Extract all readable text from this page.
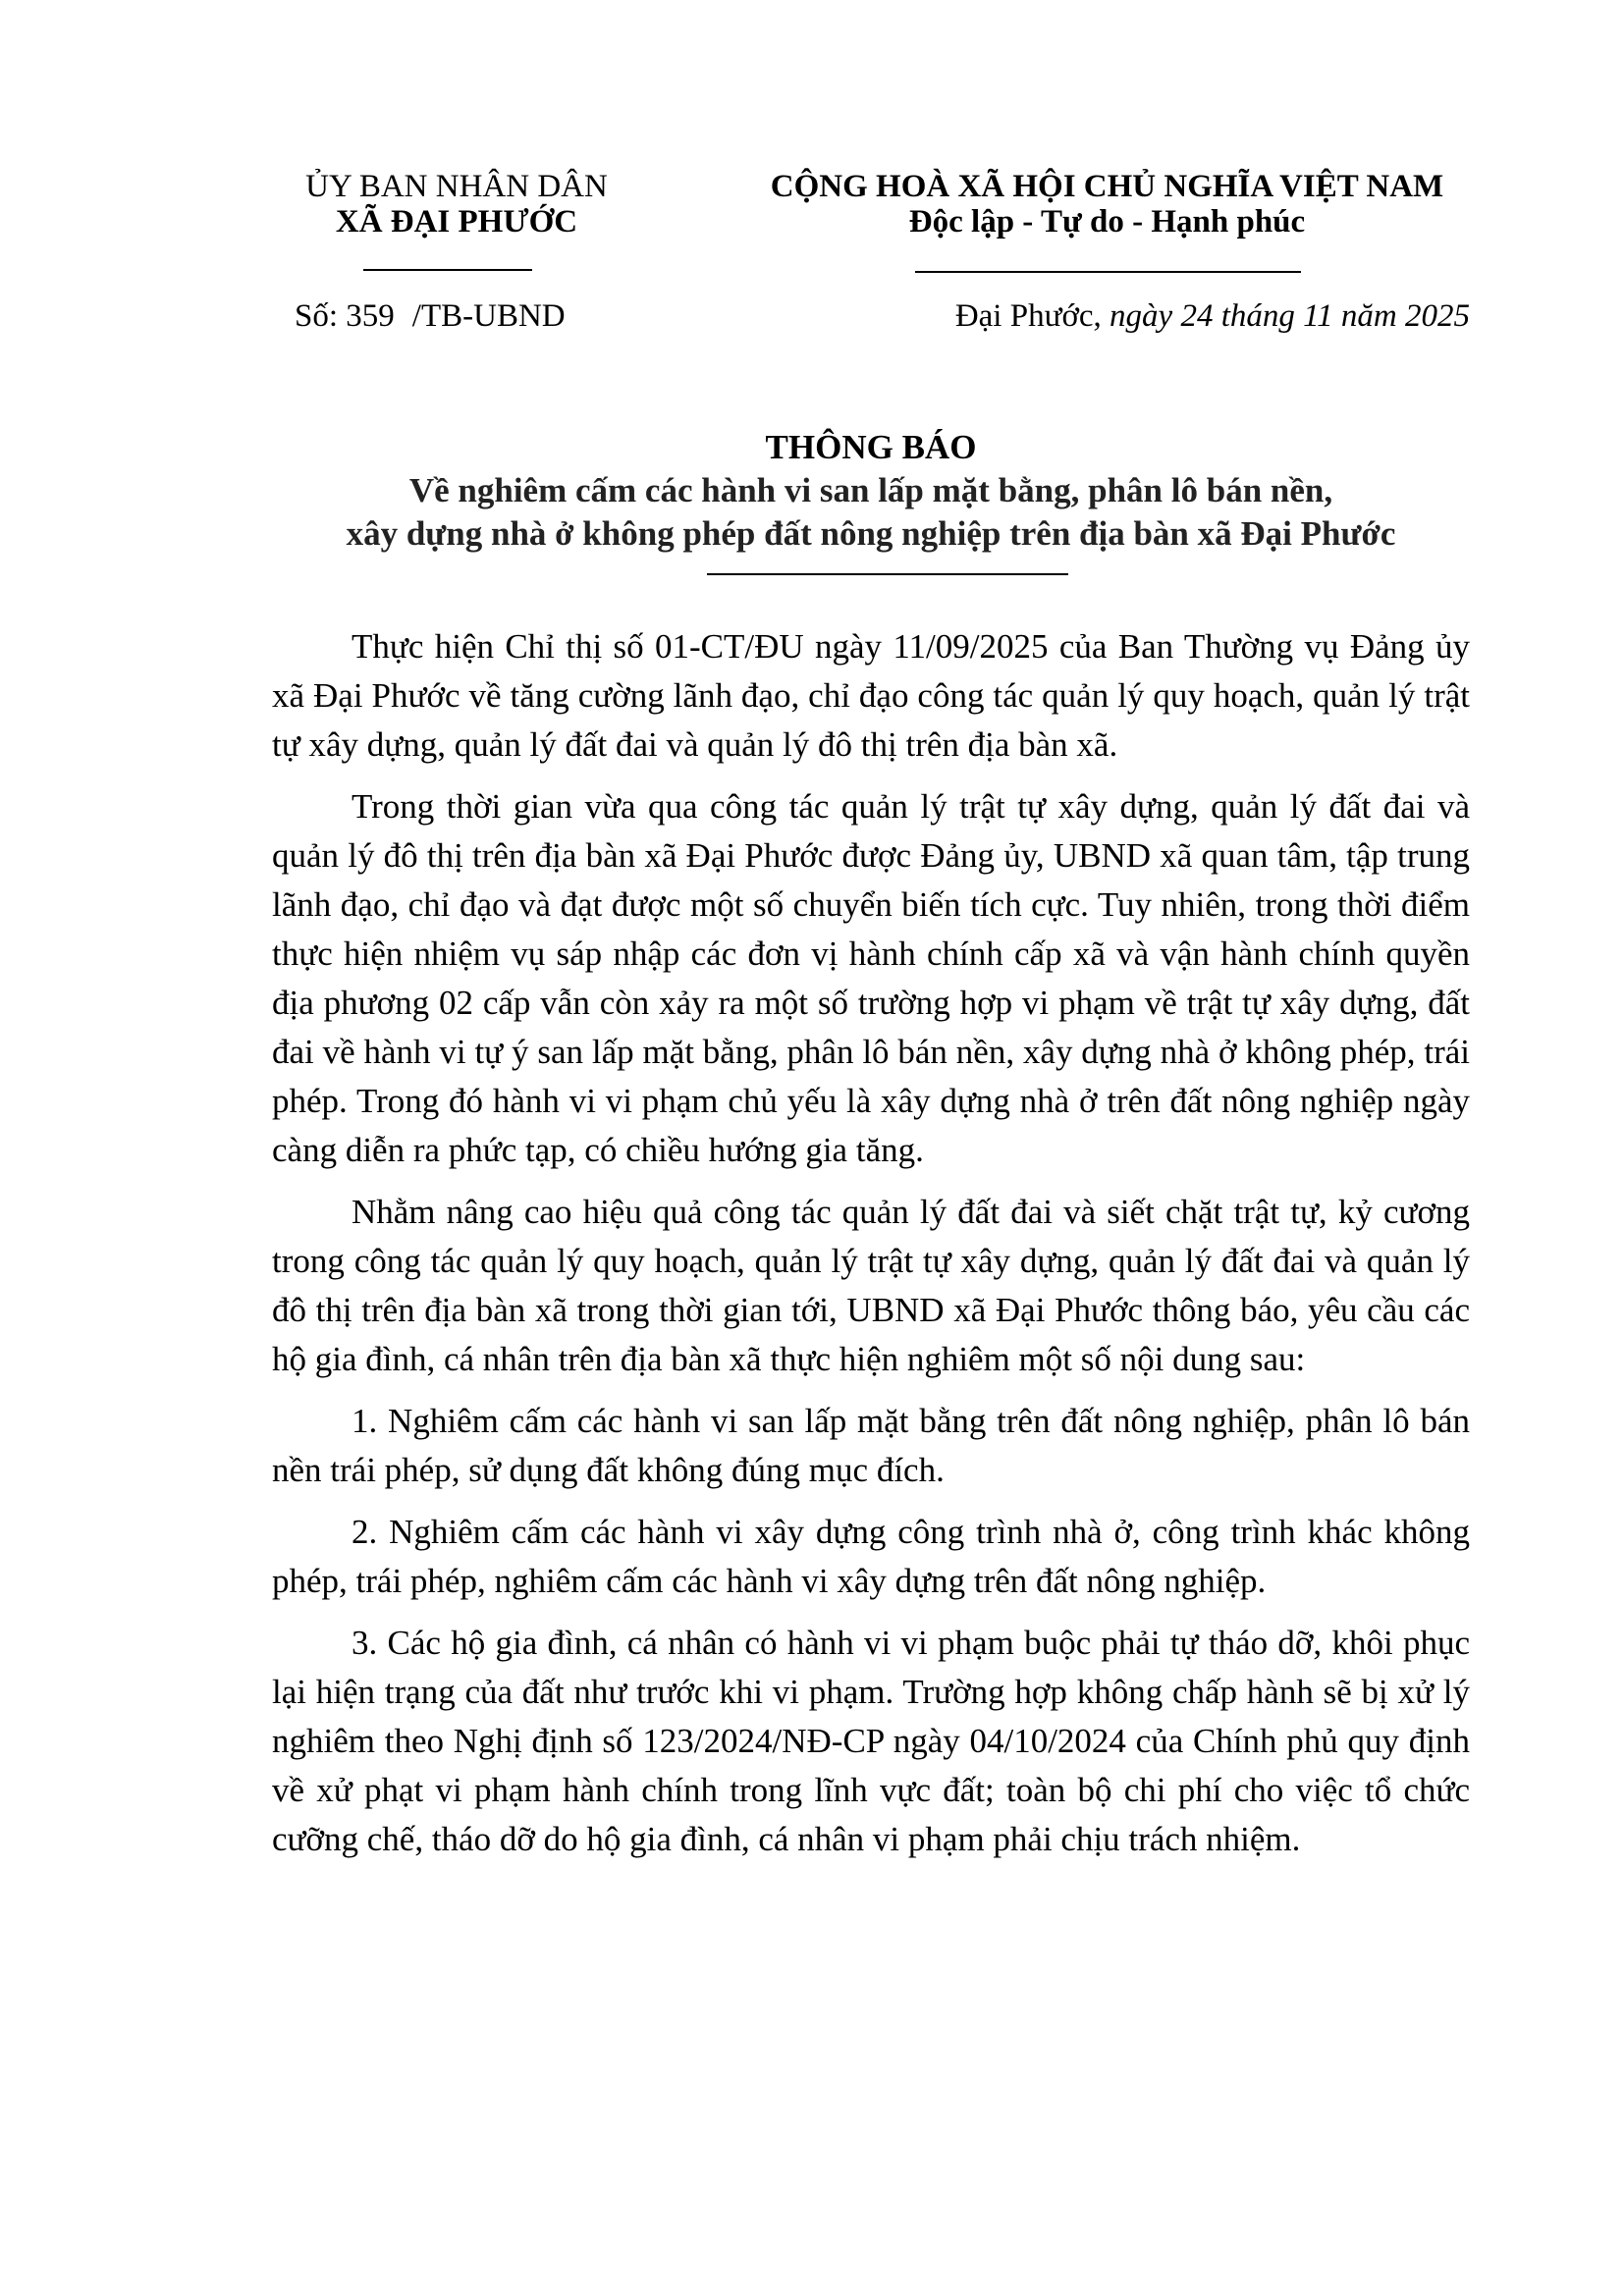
ỦY BAN NHÂN DÂN
XÃ ĐẠI PHƯỚC
CỘNG HOÀ XÃ HỘI CHỦ NGHĨA VIỆT NAM
Độc lập - Tự do - Hạnh phúc
Số: 359 /TB-UBND	Đại Phước, ngày 24 tháng 11 năm 2025
THÔNG BÁO
Về nghiêm cấm các hành vi san lấp mặt bằng, phân lô bán nền,
xây dựng nhà ở không phép đất nông nghiệp trên địa bàn xã Đại Phước

Thực hiện Chỉ thị số 01-CT/ĐU ngày 11/09/2025 của Ban Thường vụ Đảng ủy xã Đại Phước về tăng cường lãnh đạo, chỉ đạo công tác quản lý quy hoạch, quản lý trật tự xây dựng, quản lý đất đai và quản lý đô thị trên địa bàn xã.

Trong thời gian vừa qua công tác quản lý trật tự xây dựng, quản lý đất đai và quản lý đô thị trên địa bàn xã Đại Phước được Đảng ủy, UBND xã quan tâm, tập trung lãnh đạo, chỉ đạo và đạt được một số chuyển biến tích cực. Tuy nhiên, trong thời điểm thực hiện nhiệm vụ sáp nhập các đơn vị hành chính cấp xã và vận hành chính quyền địa phương 02 cấp vẫn còn xảy ra một số trường hợp vi phạm về trật tự xây dựng, đất đai về hành vi tự ý san lấp mặt bằng, phân lô bán nền, xây dựng nhà ở không phép, trái phép. Trong đó hành vi vi phạm chủ yếu là xây dựng nhà ở trên đất nông nghiệp ngày càng diễn ra phức tạp, có chiều hướng gia tăng.

Nhằm nâng cao hiệu quả công tác quản lý đất đai và siết chặt trật tự, kỷ cương trong công tác quản lý quy hoạch, quản lý trật tự xây dựng, quản lý đất đai và quản lý đô thị trên địa bàn xã trong thời gian tới, UBND xã Đại Phước thông báo, yêu cầu các hộ gia đình, cá nhân trên địa bàn xã thực hiện nghiêm một số nội dung sau:

1. Nghiêm cấm các hành vi san lấp mặt bằng trên đất nông nghiệp, phân lô bán nền trái phép, sử dụng đất không đúng mục đích.

2. Nghiêm cấm các hành vi xây dựng công trình nhà ở, công trình khác không phép, trái phép, nghiêm cấm các hành vi xây dựng trên đất nông nghiệp.

3. Các hộ gia đình, cá nhân có hành vi vi phạm buộc phải tự tháo dỡ, khôi phục lại hiện trạng của đất như trước khi vi phạm. Trường hợp không chấp hành sẽ bị xử lý nghiêm theo Nghị định số 123/2024/NĐ-CP ngày 04/10/2024 của Chính phủ quy định về xử phạt vi phạm hành chính trong lĩnh vực đất; toàn bộ chi phí cho việc tổ chức cưỡng chế, tháo dỡ do hộ gia đình, cá nhân vi phạm phải chịu trách nhiệm.
